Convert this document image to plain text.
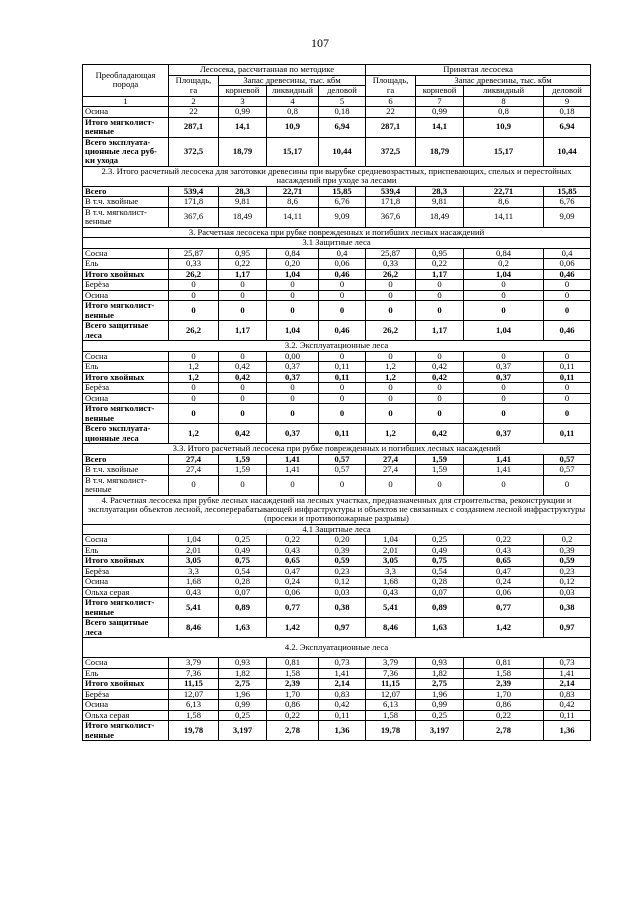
107
Преобладающая порода	Лесосека, рассчитанная по методике				Принятая лесосека			
	Площадь, га	Запас древесины, тыс. кбм			Площадь, га	Запас древесины, тыс. кбм		
		корневой	ликвидный	деловой		корневой	ликвидный	деловой
1	2	3	4	5	6	7	8	9
Осина	22	0,99	0,8	0,18	22	0,99	0,8	0,18
Итого мягколист-венные	287,1	14,1	10,9	6,94	287,1	14,1	10,9	6,94
Всего эксплуата-ционные леса руб-ки ухода	372,5	18,79	15,17	10,44	372,5	18,79	15,17	10,44
2.3. Итого расчетный лесосека для заготовки древесины при вырубке средневозрастных, приспевающих, спелых и перестойных насаждений при уходе за лесами								
Всего	539,4	28,3	22,71	15,85	539,4	28,3	22,71	15,85
В т.ч. хвойные	171,8	9,81	8,6	6,76	171,8	9,81	8,6	6,76
В т.ч. мягколист-венные	367,6	18,49	14,11	9,09	367,6	18,49	14,11	9,09
3. Расчетная лесосека при рубке поврежденных и погибших лесных насаждений								
3.1 Защитные леса								
Сосна	25,87	0,95	0,84	0,4	25,87	0,95	0,84	0,4
Ель	0,33	0,22	0,20	0,06	0,33	0,22	0,2	0,06
Итого хвойных	26,2	1,17	1,04	0,46	26,2	1,17	1,04	0,46
Берёза	0	0	0	0	0	0	0	0
Осина	0	0	0	0	0	0	0	0
Итого мягколист-венные	0	0	0	0	0	0	0	0
Всего защитные леса	26,2	1,17	1,04	0,46	26,2	1,17	1,04	0,46
3.2. Эксплуатационные леса								
Сосна	0	0	0,00	0	0	0	0	0
Ель	1,2	0,42	0,37	0,11	1,2	0,42	0,37	0,11
Итого хвойных	1,2	0,42	0,37	0,11	1,2	0,42	0,37	0,11
Берёза	0	0	0	0	0	0	0	0
Осина	0	0	0	0	0	0	0	0
Итого мягколист-венные	0	0	0	0	0	0	0	0
Всего эксплуата-ционные леса	1,2	0,42	0,37	0,11	1,2	0,42	0,37	0,11
3.3. Итого расчетный лесосека при рубке поврежденных и погибших лесных насаждений								
Всего	27,4	1,59	1,41	0,57	27,4	1,59	1,41	0,57
В т.ч. хвойные	27,4	1,59	1,41	0,57	27,4	1,59	1,41	0,57
В т.ч. мягколист-венные	0	0	0	0	0	0	0	0
4. Расчетная лесосека при рубке лесных насаждений на лесных участках, предназначенных для строительства, реконструкции и эксплуатации объектов лесной, лесоперерабатывающей инфраструктуры и объектов не связанных с созданием лесной инфраструктуры (просеки и противопожарные разрывы)								
4.1 Защитные леса								
Сосна	1,04	0,25	0,22	0,20	1,04	0,25	0,22	0,2
Ель	2,01	0,49	0,43	0,39	2,01	0,49	0,43	0,39
Итого хвойных	3,05	0,75	0,65	0,59	3,05	0,75	0,65	0,59
Берёза	3,3	0,54	0,47	0,23	3,3	0,54	0,47	0,23
Осина	1,68	0,28	0,24	0,12	1,68	0,28	0,24	0,12
Ольха серая	0,43	0,07	0,06	0,03	0,43	0,07	0,06	0,03
Итого мягколист-венные	5,41	0,89	0,77	0,38	5,41	0,89	0,77	0,38
Всего защитные леса	8,46	1,63	1,42	0,97	8,46	1,63	1,42	0,97
4.2. Эксплуатационные леса								
Сосна	3,79	0,93	0,81	0,73	3,79	0,93	0,81	0,73
Ель	7,36	1,82	1,58	1,41	7,36	1,82	1,58	1,41
Итого хвойных	11,15	2,75	2,39	2,14	11,15	2,75	2,39	2,14
Берёза	12,07	1,96	1,70	0,83	12,07	1,96	1,70	0,83
Осина	6,13	0,99	0,86	0,42	6,13	0,99	0,86	0,42
Ольха серая	1,58	0,25	0,22	0,11	1,58	0,25	0,22	0,11
Итого мягколист-венные	19,78	3,197	2,78	1,36	19,78	3,197	2,78	1,36
